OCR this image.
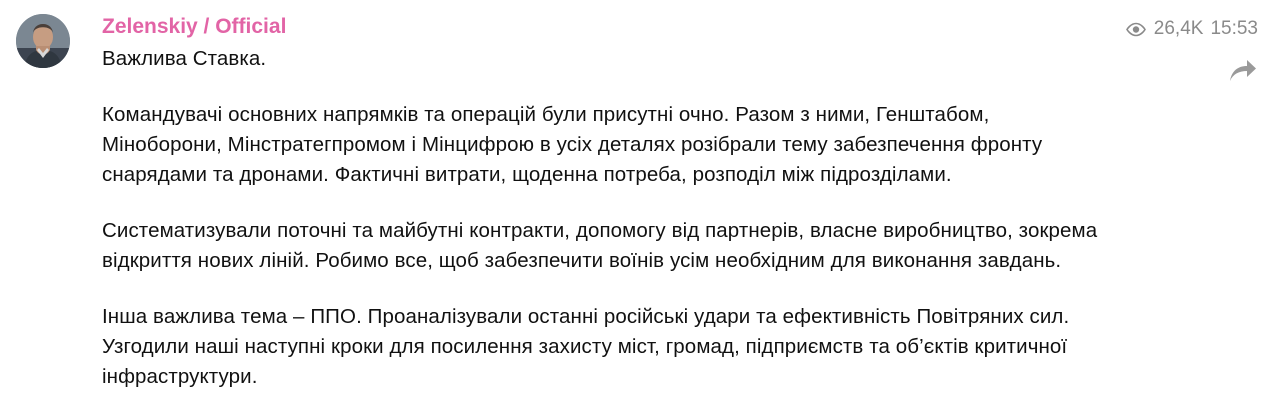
Zelenskiy / Official

Важлива Ставка.

Командувачі основних напрямків та операцій були присутні очно. Разом з ними, Генштабом, Міноборони, Мінстратегпромом і Мінцифрою в усіх деталях розібрали тему забезпечення фронту снарядами та дронами. Фактичні витрати, щоденна потреба, розподіл між підрозділами.

Систематизували поточні та майбутні контракти, допомогу від партнерів, власне виробництво, зокрема відкриття нових ліній. Робимо все, щоб забезпечити воїнів усім необхідним для виконання завдань.

Інша важлива тема – ППО. Проаналізували останні російські удари та ефективність Повітряних сил. Узгодили наші наступні кроки для посилення захисту міст, громад, підприємств та об’єктів критичної інфраструктури.

26,4K 15:53
